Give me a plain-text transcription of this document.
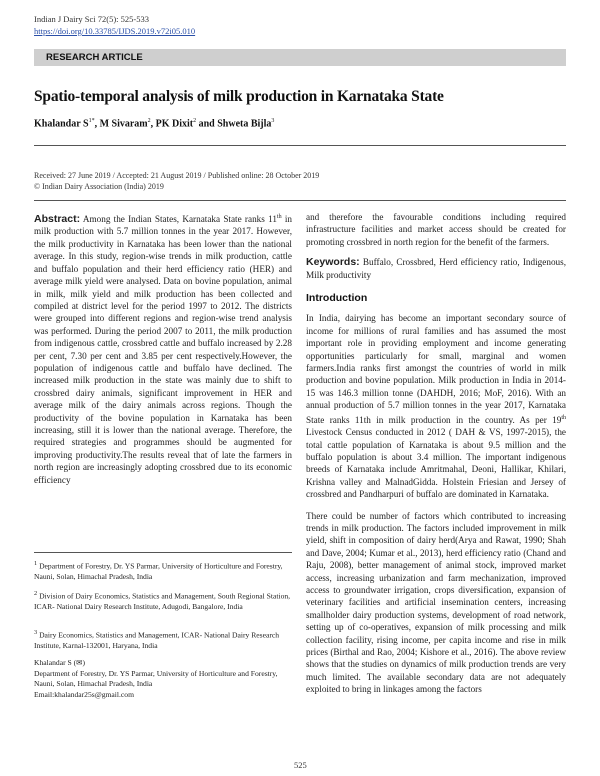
Indian J Dairy Sci 72(5): 525-533
https://doi.org/10.33785/IJDS.2019.v72i05.010
RESEARCH ARTICLE
Spatio-temporal analysis of milk production in Karnataka State
Khalandar $S^{1*}$, M Sivaram$^2$, PK Dixit$^2$ and Shweta Bijla$^3$
Received: 27 June 2019 / Accepted: 21 August 2019 / Published online: 28 October 2019
© Indian Dairy Association (India) 2019

Abstract: Among the Indian States, Karnataka State ranks 11th in milk production with 5.7 million tonnes in the year 2017. However, the milk productivity in Karnataka has been lower than the national average. In this study, region-wise trends in milk production, cattle and buffalo population and their herd efficiency ratio (HER) and average milk yield were analysed. Data on bovine population, animal in milk, milk yield and milk production has been collected and compiled at district level for the period 1997 to 2012. The districts were grouped into different regions and region-wise trend analysis was performed. During the period 2007 to 2011, the milk production from indigenous cattle, crossbred cattle and buffalo increased by 2.28 per cent, 7.30 per cent and 3.85 per cent respectively.However, the population of indigenous cattle and buffalo have declined. The increased milk production in the state was mainly due to shift to crossbred dairy animals, significant improvement in HER and average milk of the dairy animals across regions. Though the productivity of the bovine population in Karnataka has been increasing, still it is lower than the national average. Therefore, the required strategies and programmes should be augmented for improving productivity.The results reveal that of late the farmers in north region are increasingly adopting crossbred due to its economic efficiency

$^1$ Department of Forestry, Dr. YS Parmar, University of Horticulture and Forestry, Nauni, Solan, Himachal Pradesh, India
$^2$ Division of Dairy Economics, Statistics and Management, South Regional Station, ICAR- National Dairy Research Institute, Adugodi, Bangalore, India
$^3$ Dairy Economics, Statistics and Management, ICAR- National Dairy Research Institute, Karnal-132001, Haryana, India
Khalandar S (✉)
Department of Forestry, Dr. YS Parmar, University of Horticulture and Forestry, Nauni, Solan, Himachal Pradesh, India
Email:khalandar25s@gmail.com

and therefore the favourable conditions including required infrastructure facilities and market access should be created for promoting crossbred in north region for the benefit of the farmers.

Keywords: Buffalo, Crossbred, Herd efficiency ratio, Indigenous, Milk productivity

Introduction

In India, dairying has become an important secondary source of income for millions of rural families and has assumed the most important role in providing employment and income generating opportunities particularly for small, marginal and women farmers.India ranks first amongst the countries of world in milk production and bovine population. Milk production in India in 2014-15 was 146.3 million tonne (DAHDH, 2016; MoF, 2016). With an annual production of 5.7 million tonnes in the year 2017, Karnataka State ranks 11th in milk production in the country. As per 19th Livestock Census conducted in 2012 ( DAH & VS, 1997-2015), the total cattle population of Karnataka is about 9.5 million and the buffalo population is about 3.4 million. The important indigenous breeds of Karnataka include Amritmahal, Deoni, Hallikar, Khilari, Krishna valley and MalnadGidda. Holstein Friesian and Jersey of crossbred and Pandharpuri of buffalo are dominated in Karnataka.

There could be number of factors which contributed to increasing trends in milk production. The factors included improvement in milk yield, shift in composition of dairy herd(Arya and Rawat, 1990; Shah and Dave, 2004; Kumar et al., 2013), herd efficiency ratio (Chand and Raju, 2008), better management of animal stock, improved market access, increasing urbanization and farm mechanization, improved access to groundwater irrigation, crops diversification, expansion of veterinary facilities and artificial insemination centers, increasing smallholder dairy production systems, development of road network, setting up of co-operatives, expansion of milk processing and milk collection facility, rising income, per capita income and rise in milk prices (Birthal and Rao, 2004; Kishore et al., 2016). The above review shows that the studies on dynamics of milk production trends are very much limited. The available secondary data are not adequately exploited to bring in linkages among the factors

525
